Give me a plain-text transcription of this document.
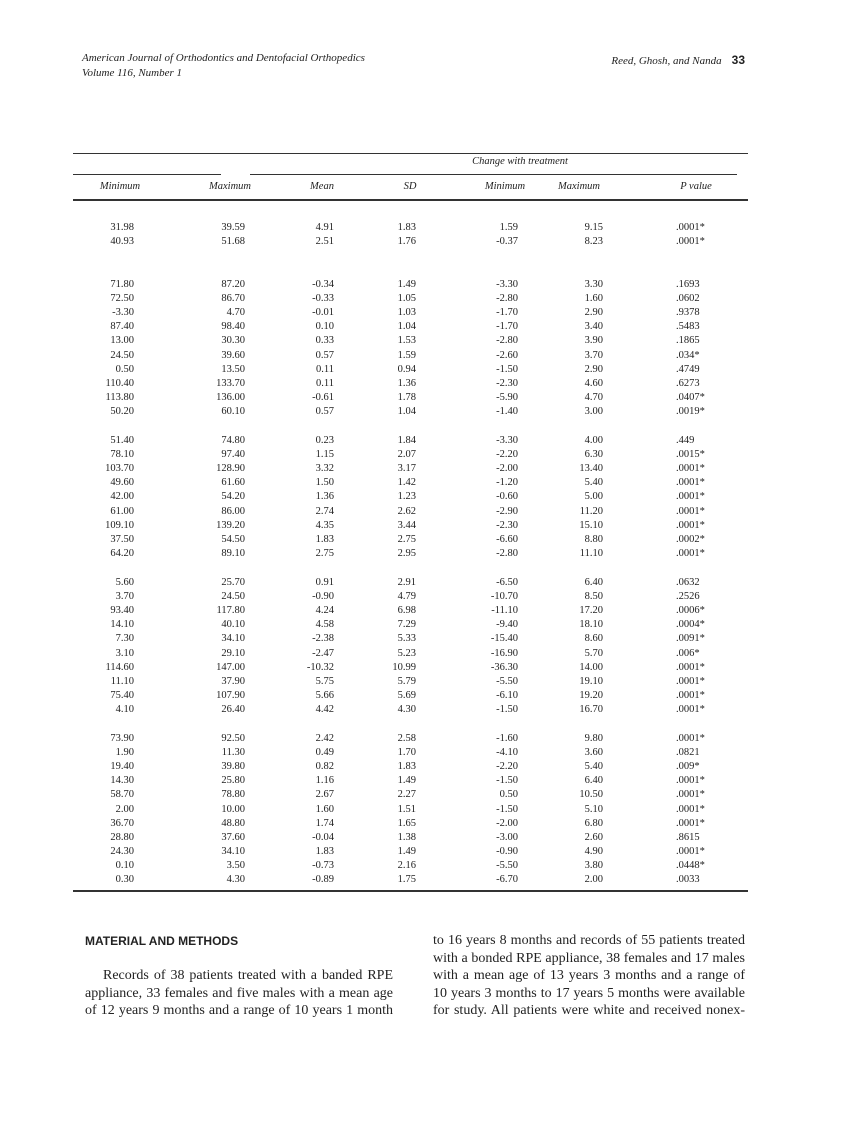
American Journal of Orthodontics and Dentofacial Orthopedics
Volume 116, Number 1
Reed, Ghosh, and Nanda 33
Change with treatment
Minimum	Maximum	Mean	SD	Minimum	Maximum	P value
31.98	39.59	4.91	1.83	1.59	9.15	.0001*
40.93	51.68	2.51	1.76	-0.37	8.23	.0001*
71.80	87.20	-0.34	1.49	-3.30	3.30	.1693
72.50	86.70	-0.33	1.05	-2.80	1.60	.0602
-3.30	4.70	-0.01	1.03	-1.70	2.90	.9378
87.40	98.40	0.10	1.04	-1.70	3.40	.5483
13.00	30.30	0.33	1.53	-2.80	3.90	.1865
24.50	39.60	0.57	1.59	-2.60	3.70	.034*
0.50	13.50	0.11	0.94	-1.50	2.90	.4749
110.40	133.70	0.11	1.36	-2.30	4.60	.6273
113.80	136.00	-0.61	1.78	-5.90	4.70	.0407*
50.20	60.10	0.57	1.04	-1.40	3.00	.0019*
51.40	74.80	0.23	1.84	-3.30	4.00	.449
78.10	97.40	1.15	2.07	-2.20	6.30	.0015*
103.70	128.90	3.32	3.17	-2.00	13.40	.0001*
49.60	61.60	1.50	1.42	-1.20	5.40	.0001*
42.00	54.20	1.36	1.23	-0.60	5.00	.0001*
61.00	86.00	2.74	2.62	-2.90	11.20	.0001*
109.10	139.20	4.35	3.44	-2.30	15.10	.0001*
37.50	54.50	1.83	2.75	-6.60	8.80	.0002*
64.20	89.10	2.75	2.95	-2.80	11.10	.0001*
5.60	25.70	0.91	2.91	-6.50	6.40	.0632
3.70	24.50	-0.90	4.79	-10.70	8.50	.2526
93.40	117.80	4.24	6.98	-11.10	17.20	.0006*
14.10	40.10	4.58	7.29	-9.40	18.10	.0004*
7.30	34.10	-2.38	5.33	-15.40	8.60	.0091*
3.10	29.10	-2.47	5.23	-16.90	5.70	.006*
114.60	147.00	-10.32	10.99	-36.30	14.00	.0001*
11.10	37.90	5.75	5.79	-5.50	19.10	.0001*
75.40	107.90	5.66	5.69	-6.10	19.20	.0001*
4.10	26.40	4.42	4.30	-1.50	16.70	.0001*
73.90	92.50	2.42	2.58	-1.60	9.80	.0001*
1.90	11.30	0.49	1.70	-4.10	3.60	.0821
19.40	39.80	0.82	1.83	-2.20	5.40	.009*
14.30	25.80	1.16	1.49	-1.50	6.40	.0001*
58.70	78.80	2.67	2.27	0.50	10.50	.0001*
2.00	10.00	1.60	1.51	-1.50	5.10	.0001*
36.70	48.80	1.74	1.65	-2.00	6.80	.0001*
28.80	37.60	-0.04	1.38	-3.00	2.60	.8615
24.30	34.10	1.83	1.49	-0.90	4.90	.0001*
0.10	3.50	-0.73	2.16	-5.50	3.80	.0448*
0.30	4.30	-0.89	1.75	-6.70	2.00	.0033
MATERIAL AND METHODS
Records of 38 patients treated with a banded RPE
appliance, 33 females and five males with a mean age
of 12 years 9 months and a range of 10 years 1 month
to 16 years 8 months and records of 55 patients treated
with a bonded RPE appliance, 38 females and 17 males
with a mean age of 13 years 3 months and a range of
10 years 3 months to 17 years 5 months were available
for study. All patients were white and received nonex-
